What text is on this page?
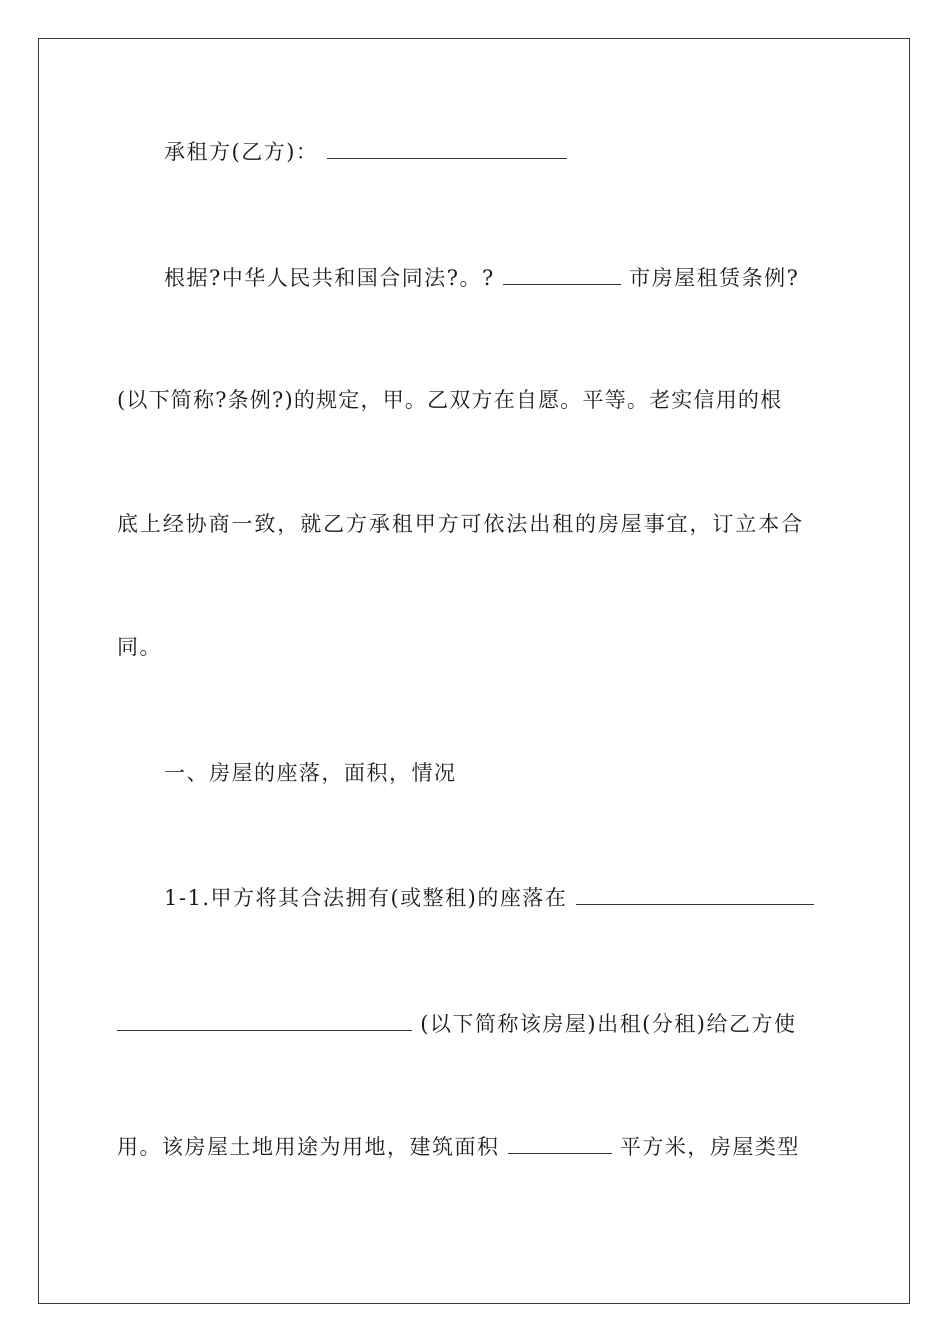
承租方(乙方)：
根据?中华人民共和国合同法?。?	市房屋租赁条例?
(以下简称?条例?)的规定，甲。乙双方在自愿。平等。老实信用的根
底上经协商一致，就乙方承租甲方可依法出租的房屋事宜，订立本合
同。
一、房屋的座落，面积，情况
1-1.甲方将其合法拥有(或整租)的座落在
(以下简称该房屋)出租(分租)给乙方使
用。该房屋土地用途为用地，建筑面积	平方米，房屋类型
